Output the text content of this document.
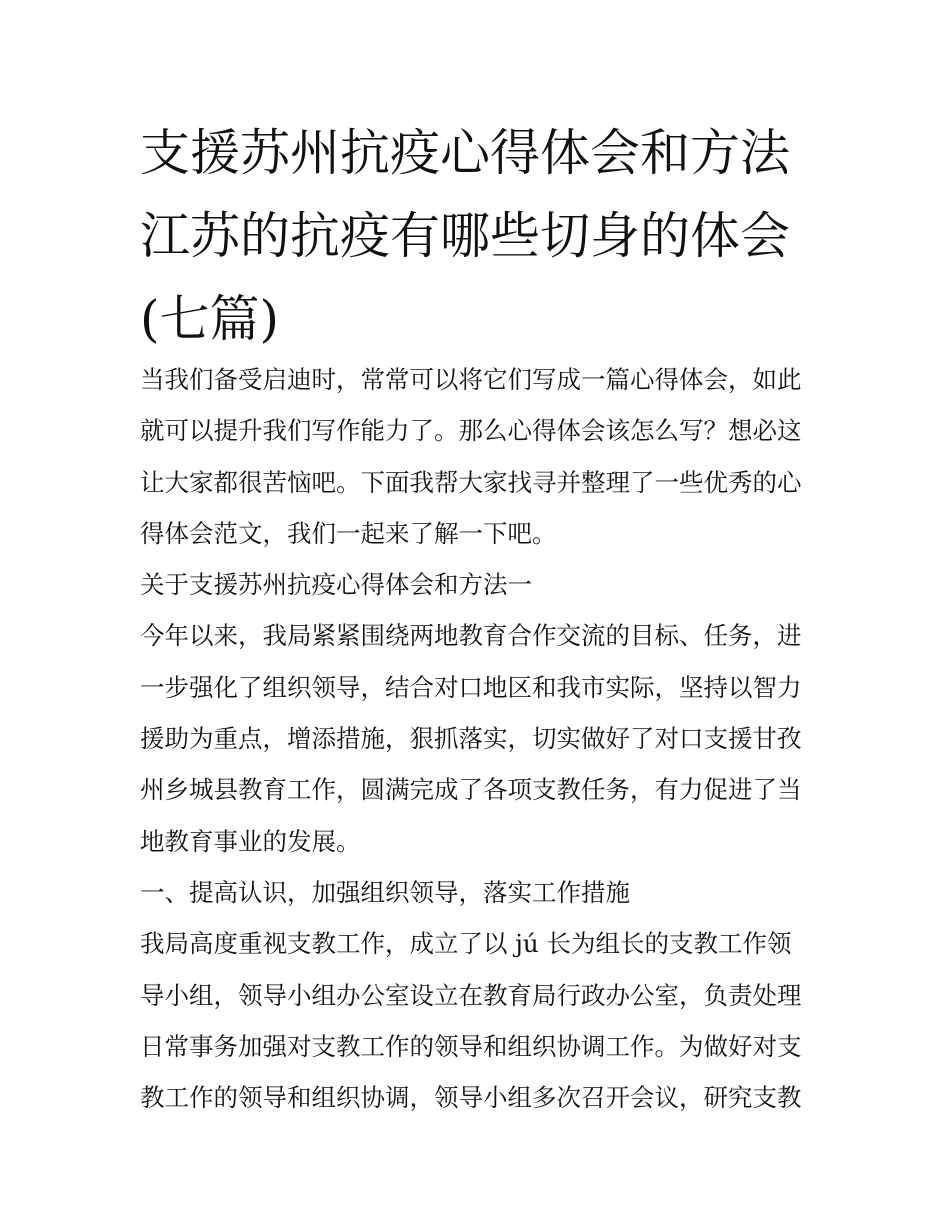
支援苏州抗疫心得体会和方法
江苏的抗疫有哪些切身的体会
(七篇)
当我们备受启迪时，常常可以将它们写成一篇心得体会，如此
就可以提升我们写作能力了。那么心得体会该怎么写？想必这
让大家都很苦恼吧。下面我帮大家找寻并整理了一些优秀的心
得体会范文，我们一起来了解一下吧。
关于支援苏州抗疫心得体会和方法一
今年以来，我局紧紧围绕两地教育合作交流的目标、任务，进
一步强化了组织领导，结合对口地区和我市实际，坚持以智力
援助为重点，增添措施，狠抓落实，切实做好了对口支援甘孜
州乡城县教育工作，圆满完成了各项支教任务，有力促进了当
地教育事业的发展。
一、提高认识，加强组织领导，落实工作措施
我局高度重视支教工作，成立了以 jú 长为组长的支教工作领
导小组，领导小组办公室设立在教育局行政办公室，负责处理
日常事务加强对支教工作的领导和组织协调工作。为做好对支
教工作的领导和组织协调，领导小组多次召开会议，研究支教
